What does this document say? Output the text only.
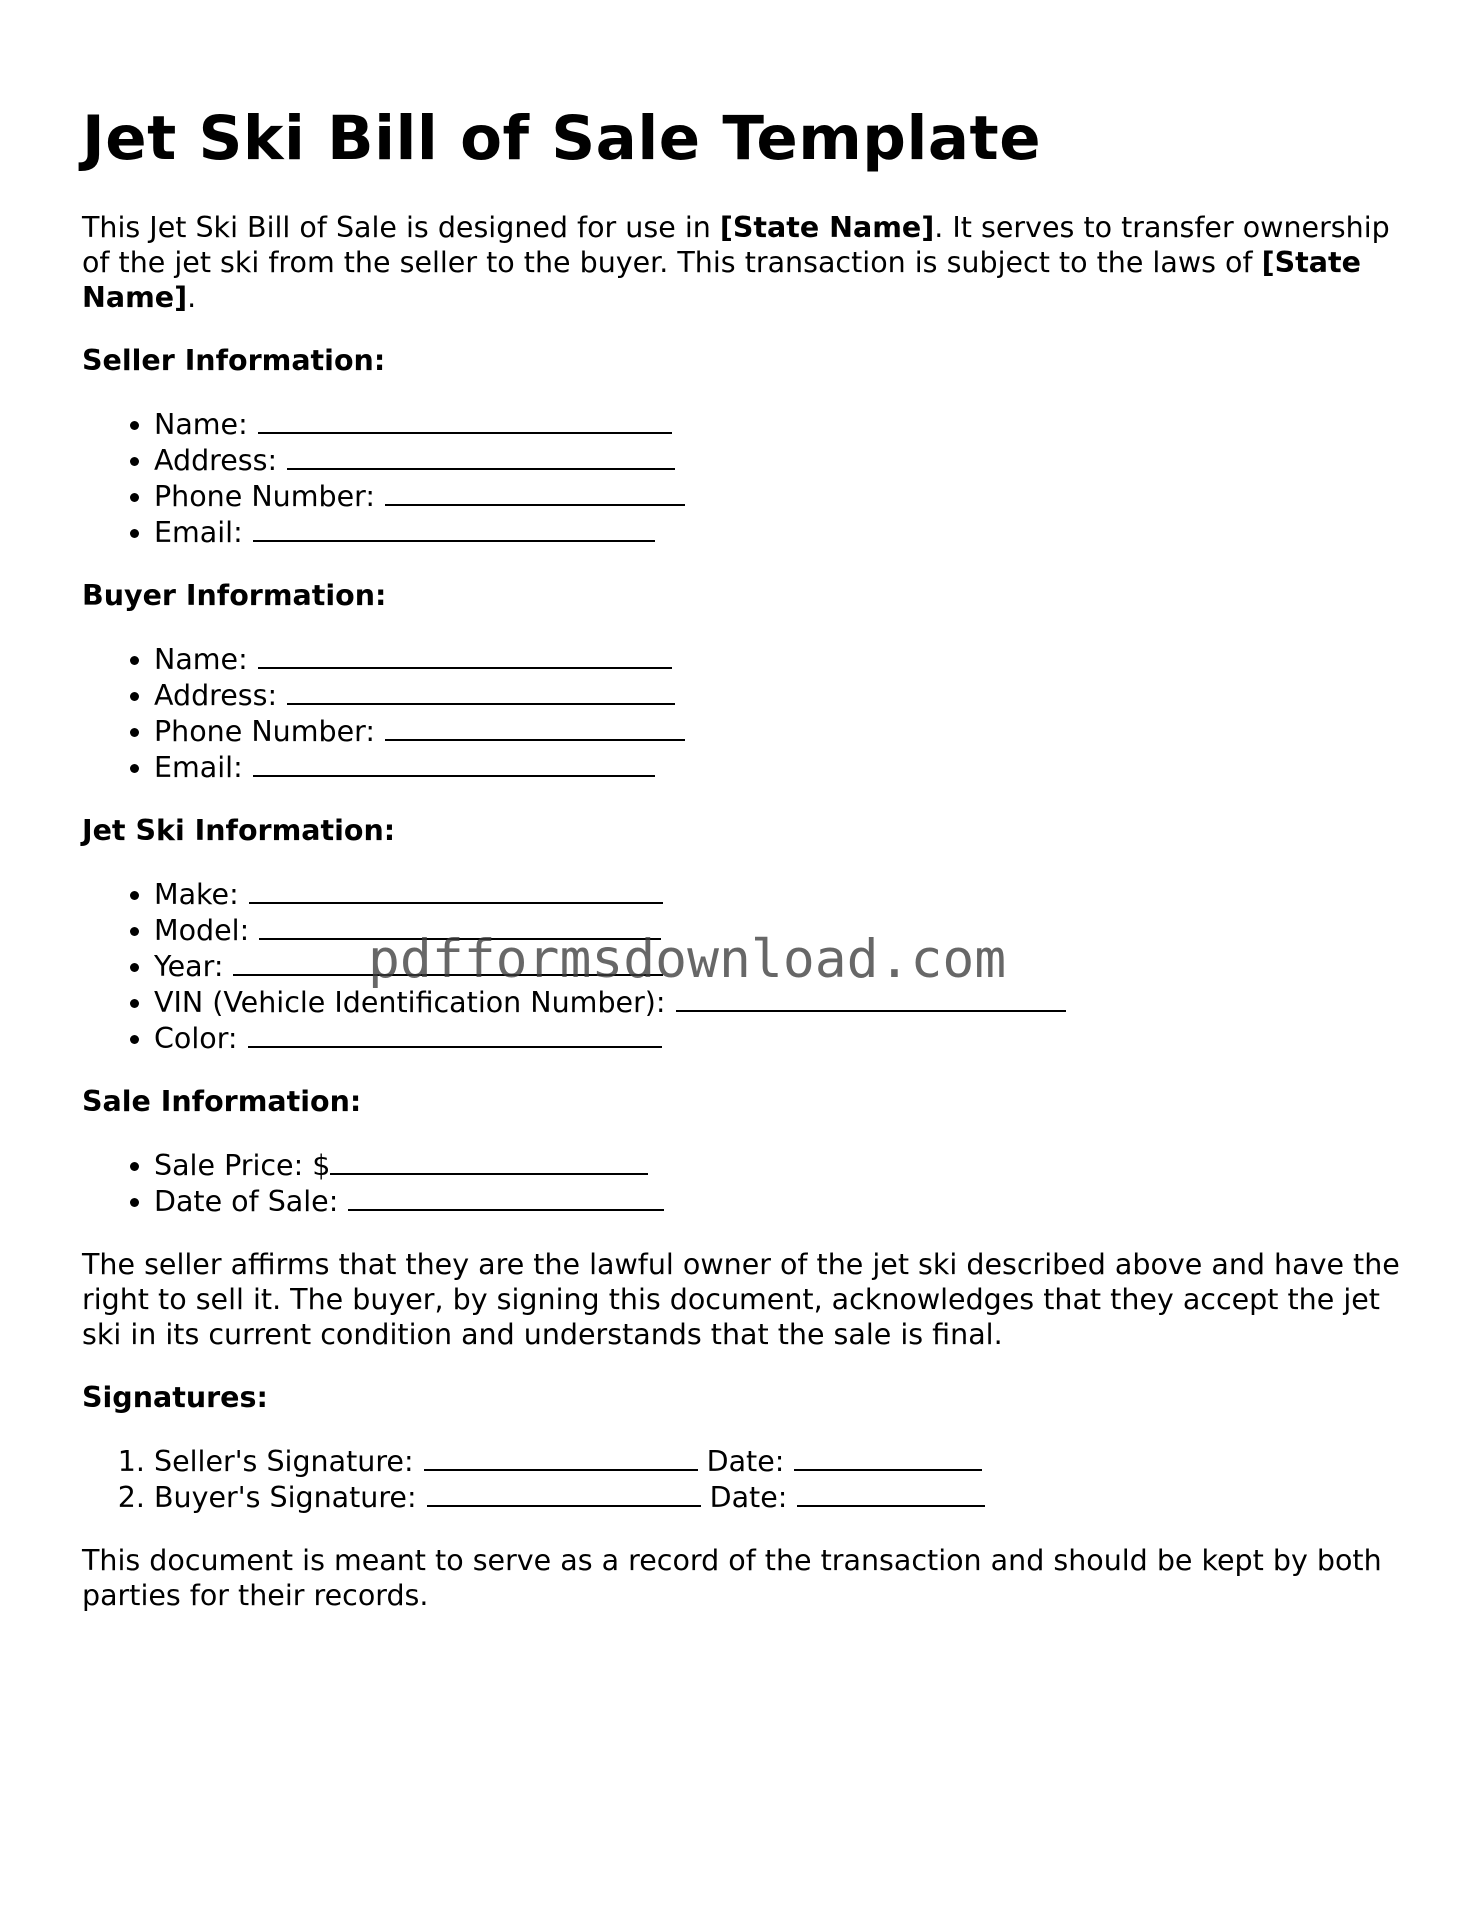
Jet Ski Bill of Sale Template

This Jet Ski Bill of Sale is designed for use in [State Name]. It serves to transfer ownership of the jet ski from the seller to the buyer. This transaction is subject to the laws of [State Name].

Seller Information:
• Name:
• Address:
• Phone Number:
• Email:
Buyer Information:
• Name:
• Address:
• Phone Number:
• Email:
Jet Ski Information:
• Make:
• Model:
• Year:
• VIN (Vehicle Identification Number):
• Color:
Sale Information:
• Sale Price: $
• Date of Sale:

The seller affirms that they are the lawful owner of the jet ski described above and have the right to sell it. The buyer, by signing this document, acknowledges that they accept the jet ski in its current condition and understands that the sale is final.

Signatures:
1. Seller's Signature:	Date:
2. Buyer's Signature:	Date:

This document is meant to serve as a record of the transaction and should be kept by both parties for their records.

pdfformsdownload.com
